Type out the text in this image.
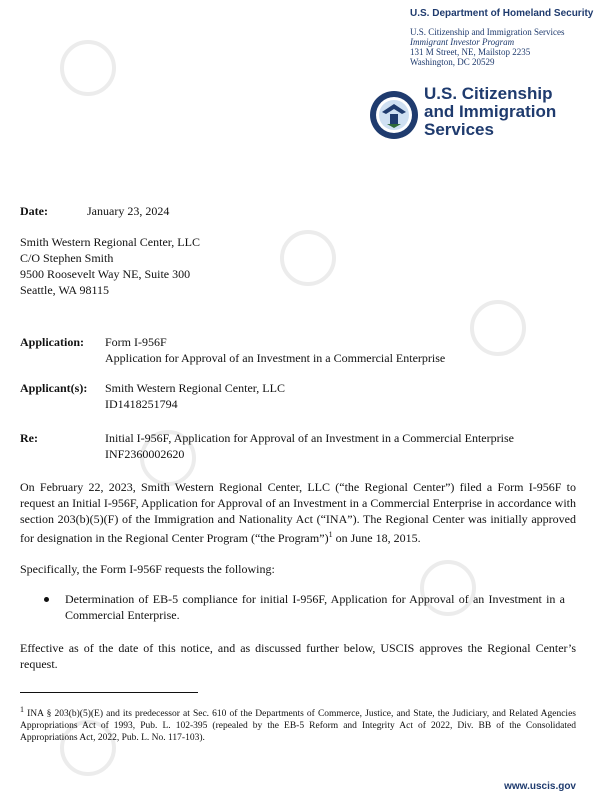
U.S. Department of Homeland Security
U.S. Citizenship and Immigration Services
Immigrant Investor Program
131 M Street, NE, Mailstop 2235
Washington, DC 20529
U.S. Citizenship
and Immigration
Services
Date:	January 23, 2024
Smith Western Regional Center, LLC
C/O Stephen Smith
9500 Roosevelt Way NE, Suite 300
Seattle, WA 98115
Application: Form I-956F
Application for Approval of an Investment in a Commercial Enterprise
Applicant(s): Smith Western Regional Center, LLC
ID1418251794
Re:	Initial I-956F, Application for Approval of an Investment in a Commercial Enterprise
INF2360002620
On February 22, 2023, Smith Western Regional Center, LLC (“the Regional Center”) filed a Form I-956F to request an Initial I-956F, Application for Approval of an Investment in a Commercial Enterprise in accordance with section 203(b)(5)(F) of the Immigration and Nationality Act (“INA”). The Regional Center was initially approved for designation in the Regional Center Program (“the Program”)$^1$ on June 18, 2015.
Specifically, the Form I-956F requests the following:
Determination of EB-5 compliance for initial I-956F, Application for Approval of an Investment in a Commercial Enterprise.
Effective as of the date of this notice, and as discussed further below, USCIS approves the Regional Center’s request.
$^1$ INA § 203(b)(5)(E) and its predecessor at Sec. 610 of the Departments of Commerce, Justice, and State, the Judiciary, and Related Agencies Appropriations Act of 1993, Pub. L. 102-395 (repealed by the EB-5 Reform and Integrity Act of 2022, Div. BB of the Consolidated Appropriations Act, 2022, Pub. L. No. 117-103).
www.uscis.gov
